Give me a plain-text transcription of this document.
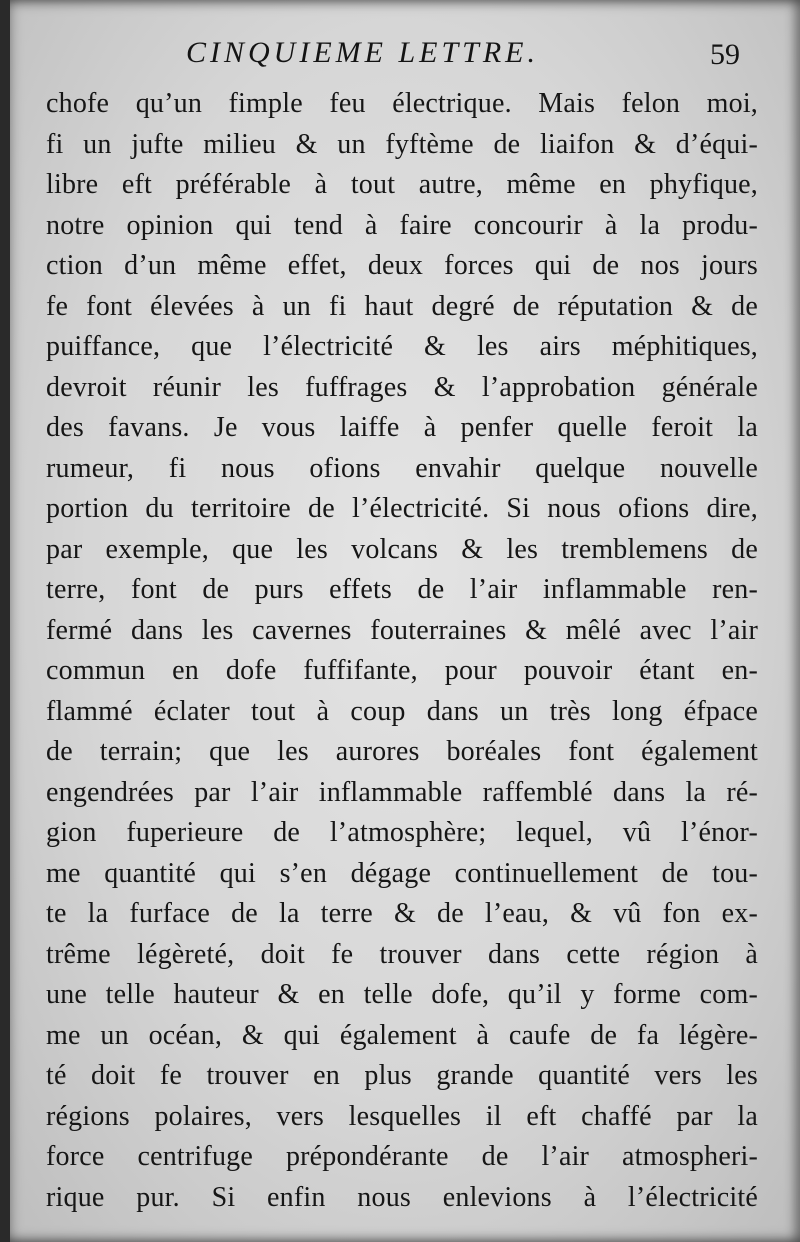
CINQUIEME LETTRE.	59
chofe qu’un fimple feu électrique. Mais felon moi,
fi un jufte milieu & un fyftème de liaifon & d’équi-
libre eft préférable à tout autre, même en phyfique,
notre opinion qui tend à faire concourir à la produ-
ction d’un même effet, deux forces qui de nos jours
fe font élevées à un fi haut degré de réputation & de
puiffance, que l’électricité & les airs méphitiques,
devroit réunir les fuffrages & l’approbation générale
des favans. Je vous laiffe à penfer quelle feroit la
rumeur, fi nous ofions envahir quelque nouvelle
portion du territoire de l’électricité. Si nous ofions dire,
par exemple, que les volcans & les tremblemens de
terre, font de purs effets de l’air inflammable ren-
fermé dans les cavernes fouterraines & mêlé avec l’air
commun en dofe fuffifante, pour pouvoir étant en-
flammé éclater tout à coup dans un très long éfpace
de terrain; que les aurores boréales font également
engendrées par l’air inflammable raffemblé dans la ré-
gion fuperieure de l’atmosphère; lequel, vû l’énor-
me quantité qui s’en dégage continuellement de tou-
te la furface de la terre & de l’eau, & vû fon ex-
trême légèreté, doit fe trouver dans cette région à
une telle hauteur & en telle dofe, qu’il y forme com-
me un océan, & qui également à caufe de fa légère-
té doit fe trouver en plus grande quantité vers les
régions polaires, vers lesquelles il eft chaffé par la
force centrifuge prépondérante de l’air atmospheri-
rique pur. Si enfin nous enlevions à l’électricité
